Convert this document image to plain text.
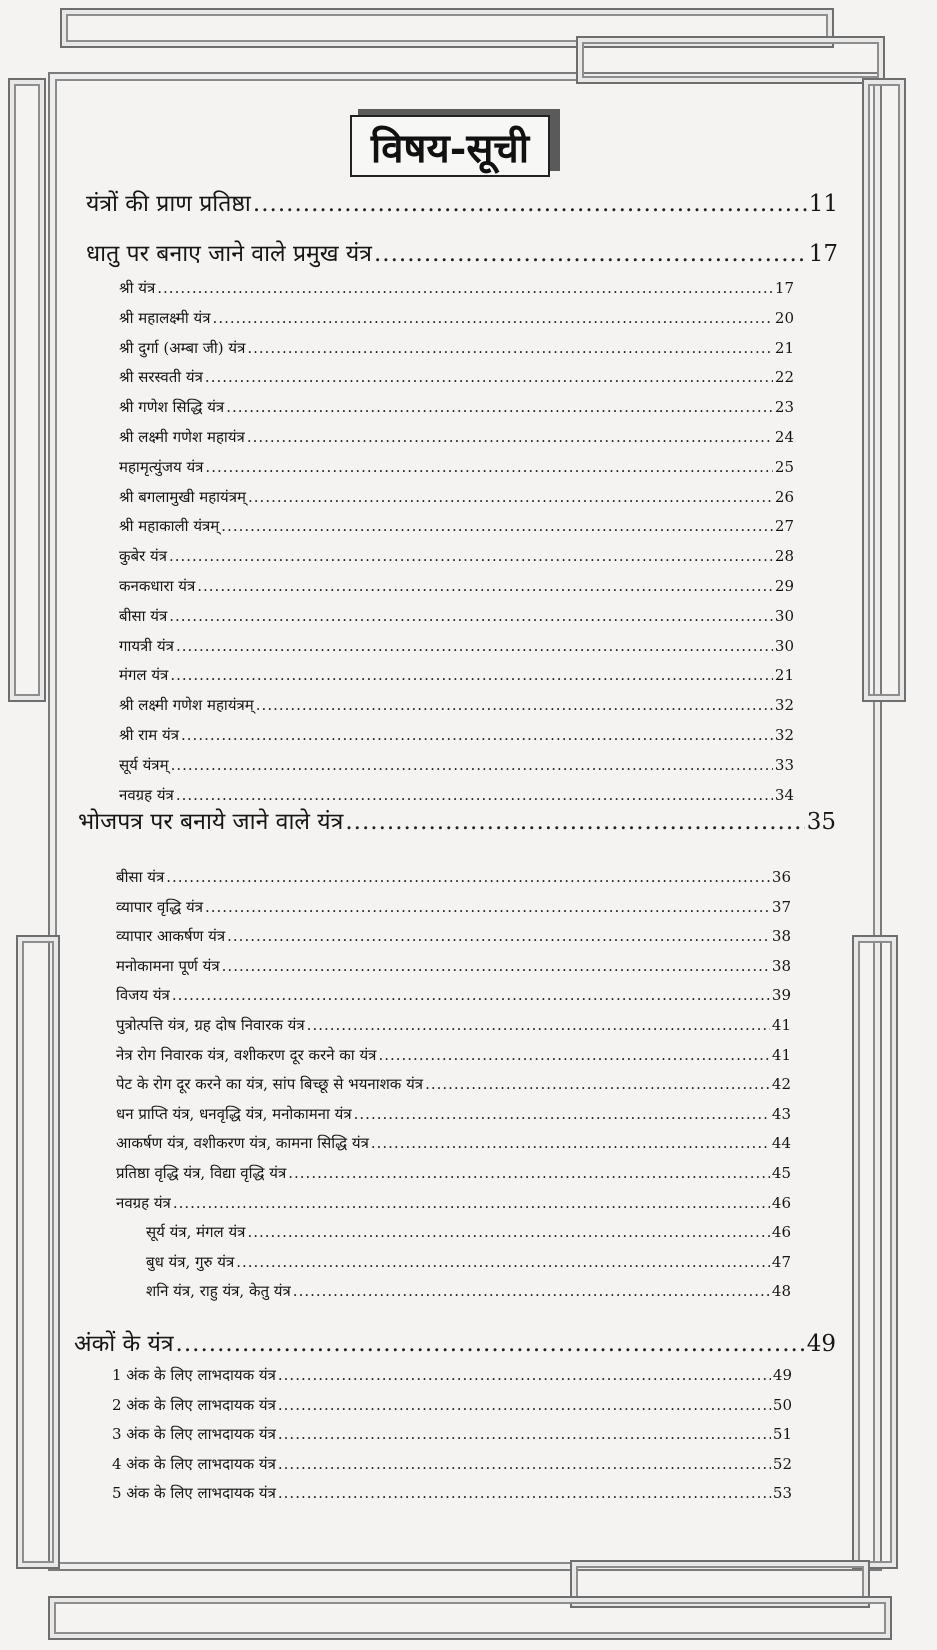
विषय-सूची
यंत्रों की प्राण प्रतिष्ठा .....	11
धातु पर बनाए जाने वाले प्रमुख यंत्र .....	17
श्री यंत्र .....	17
श्री महालक्ष्मी यंत्र .....	20
श्री दुर्गा (अम्बा जी) यंत्र .....	21
श्री सरस्वती यंत्र .....	22
श्री गणेश सिद्धि यंत्र .....	23
श्री लक्ष्मी गणेश महायंत्र .....	24
महामृत्युंजय यंत्र .....	25
श्री बगलामुखी महायंत्रम् .....	26
श्री महाकाली यंत्रम् .....	27
कुबेर यंत्र .....	28
कनकधारा यंत्र .....	29
बीसा यंत्र .....	30
गायत्री यंत्र .....	30
मंगल यंत्र .....	21
श्री लक्ष्मी गणेश महायंत्रम् .....	32
श्री राम यंत्र .....	32
सूर्य यंत्रम् .....	33
नवग्रह यंत्र .....	34
भोजपत्र पर बनाये जाने वाले यंत्र .....	35
बीसा यंत्र .....	36
व्यापार वृद्धि यंत्र .....	37
व्यापार आकर्षण यंत्र .....	38
मनोकामना पूर्ण यंत्र .....	38
विजय यंत्र .....	39
पुत्रोत्पत्ति यंत्र, ग्रह दोष निवारक यंत्र .....	41
नेत्र रोग निवारक यंत्र, वशीकरण दूर करने का यंत्र .....	41
पेट के रोग दूर करने का यंत्र, सांप बिच्छू से भयनाशक यंत्र .....	42
धन प्राप्ति यंत्र, धनवृद्धि यंत्र, मनोकामना यंत्र .....	43
आकर्षण यंत्र, वशीकरण यंत्र, कामना सिद्धि यंत्र .....	44
प्रतिष्ठा वृद्धि यंत्र, विद्या वृद्धि यंत्र .....	45
नवग्रह यंत्र .....	46
सूर्य यंत्र, मंगल यंत्र .....	46
बुध यंत्र, गुरु यंत्र .....	47
शनि यंत्र, राहु यंत्र, केतु यंत्र .....	48
अंकों के यंत्र .....	49
1 अंक के लिए लाभदायक यंत्र .....	49
2 अंक के लिए लाभदायक यंत्र .....	50
3 अंक के लिए लाभदायक यंत्र .....	51
4 अंक के लिए लाभदायक यंत्र .....	52
5 अंक के लिए लाभदायक यंत्र .....	53
